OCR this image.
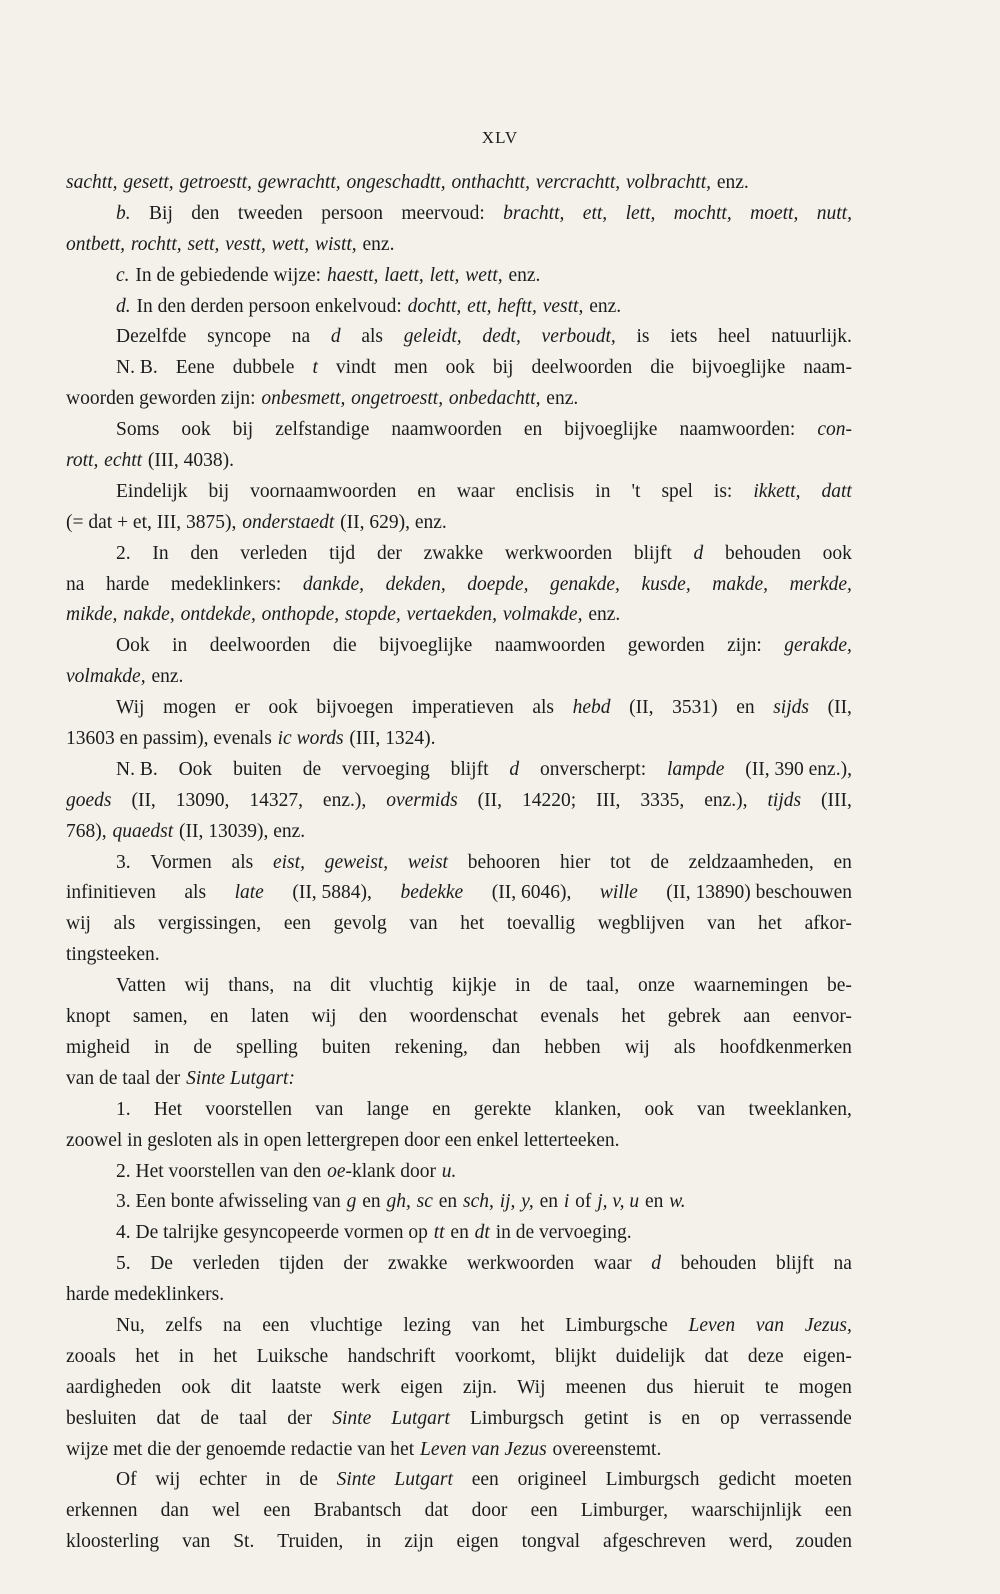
XLV
sachtt, gesett, getroestt, gewrachtt, ongeschadtt, onthachtt, vercrachtt, volbrachtt, enz.
b. Bij den tweeden persoon meervoud: brachtt, ett, lett, mochtt, moett, nutt,
ontbett, rochtt, sett, vestt, wett, wistt, enz.
c. In de gebiedende wijze: haestt, laett, lett, wett, enz.
d. In den derden persoon enkelvoud: dochtt, ett, heftt, vestt, enz.
Dezelfde syncope na d als geleidt, dedt, verboudt, is iets heel natuurlijk.
N. B. Eene dubbele t vindt men ook bij deelwoorden die bijvoeglijke naam-
woorden geworden zijn: onbesmett, ongetroestt, onbedachtt, enz.
Soms ook bij zelfstandige naamwoorden en bijvoeglijke naamwoorden: con-
rott, echtt (III, 4038).
Eindelijk bij voornaamwoorden en waar enclisis in 't spel is: ikkett, datt
(= dat + et, III, 3875), onderstaedt (II, 629), enz.
2. In den verleden tijd der zwakke werkwoorden blijft d behouden ook
na harde medeklinkers: dankde, dekden, doepde, genakde, kusde, makde, merkde,
mikde, nakde, ontdekde, onthopde, stopde, vertaekden, volmakde, enz.
Ook in deelwoorden die bijvoeglijke naamwoorden geworden zijn: gerakde,
volmakde, enz.
Wij mogen er ook bijvoegen imperatieven als hebd (II, 3531) en sijds (II,
13603 en passim), evenals ic words (III, 1324).
N. B. Ook buiten de vervoeging blijft d onverscherpt: lampde (II, 390 enz.),
goeds (II, 13090, 14327, enz.), overmids (II, 14220; III, 3335, enz.), tijds (III,
768), quaedst (II, 13039), enz.
3. Vormen als eist, geweist, weist behooren hier tot de zeldzaamheden, en
infinitieven als late (II, 5884), bedekke (II, 6046), wille (II, 13890) beschouwen
wij als vergissingen, een gevolg van het toevallig wegblijven van het afkor-
tingsteeken.
Vatten wij thans, na dit vluchtig kijkje in de taal, onze waarnemingen be-
knopt samen, en laten wij den woordenschat evenals het gebrek aan eenvor-
migheid in de spelling buiten rekening, dan hebben wij als hoofdkenmerken
van de taal der Sinte Lutgart:
1. Het voorstellen van lange en gerekte klanken, ook van tweeklanken,
zoowel in gesloten als in open lettergrepen door een enkel letterteeken.
2. Het voorstellen van den oe -klank door u.
3. Een bonte afwisseling van g en gh, sc en sch, ij, y, en i of j, v, u en w.
4. De talrijke gesyncopeerde vormen op tt en dt in de vervoeging.
5. De verleden tijden der zwakke werkwoorden waar d behouden blijft na
harde medeklinkers.
Nu, zelfs na een vluchtige lezing van het Limburgsche Leven van Jezus,
zooals het in het Luiksche handschrift voorkomt, blijkt duidelijk dat deze eigen-
aardigheden ook dit laatste werk eigen zijn. Wij meenen dus hieruit te mogen
besluiten dat de taal der Sinte Lutgart Limburgsch getint is en op verrassende
wijze met die der genoemde redactie van het Leven van Jezus overeenstemt.
Of wij echter in de Sinte Lutgart een origineel Limburgsch gedicht moeten
erkennen dan wel een Brabantsch dat door een Limburger, waarschijnlijk een
kloosterling van St. Truiden, in zijn eigen tongval afgeschreven werd, zouden
